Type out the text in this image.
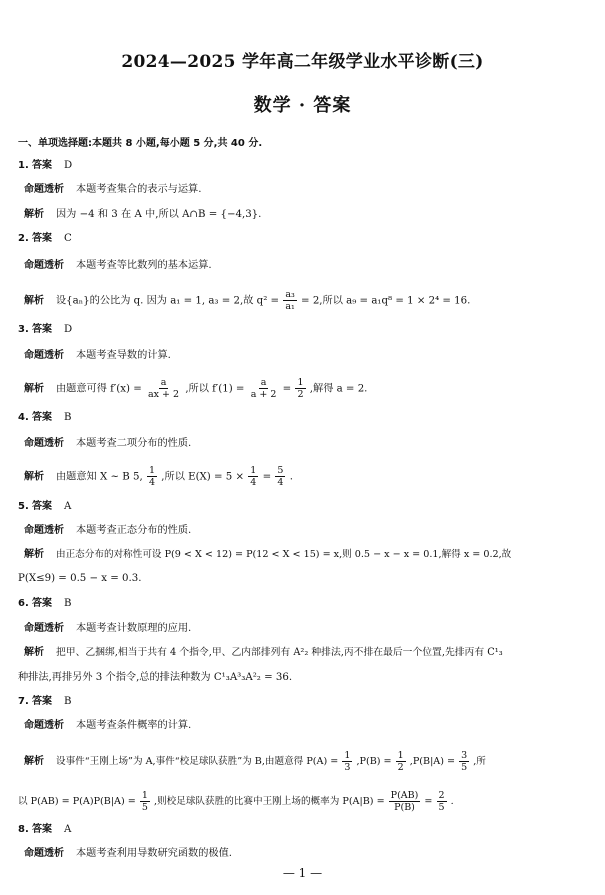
2024—2025 学年高二年级学业水平诊断(三)
数学 · 答案
一、单项选择题:本题共 8 小题,每小题 5 分,共 40 分.
1. 答案 D
命题透析 本题考查集合的表示与运算.
解析 因为 −4 和 3 在 A 中,所以 A∩B = {−4,3}.
2. 答案 C
命题透析 本题考查等比数列的基本运算.
解析 设{aₙ}的公比为 q. 因为 a₁ = 1, a₃ = 2,故 $q^2 = \frac{\text{a₃}}{\text{a₁}} = 2$,所以 a₉ = a₁q⁸ = 1 × 2⁴ = 16.
3. 答案 D
命题透析 本题考查导数的计算.
解析 由题意可得 $f'(x) = \frac{a}{ax + 2}$ ,所以 $f'(1) = \frac{a}{a + 2} = \frac{1}{2}$ ,解得 a = 2.
4. 答案 B
命题透析 本题考查二项分布的性质.
解析 由题意知 X ~ B 5, $\frac{1}{4}$ ,所以 $E(X) = 5 \times \frac{1}{4} = \frac{5}{4}$ .
5. 答案 A
命题透析 本题考查正态分布的性质.
解析 由正态分布的对称性可设 P(9 < X < 12) = P(12 < X < 15) = x,则 0.5 − x − x = 0.1,解得 x = 0.2,故
P(X≤9) = 0.5 − x = 0.3.
6. 答案 B
命题透析 本题考查计数原理的应用.
解析 把甲、乙捆绑,相当于共有 4 个指令,甲、乙内部排列有 A²₂ 种排法,丙不排在最后一个位置,先排丙有 C¹₃
种排法,再排另外 3 个指令,总的排法种数为 C¹₃A³₃A²₂ = 36.
7. 答案 B
命题透析 本题考查条件概率的计算.
解析 设事件“王刚上场”为 A,事件“校足球队获胜”为 B,由题意得 $P(A) = \frac{1}{3} ,P(B) = \frac{1}{2} ,P(B|A) = \frac{3}{5}$ ,所
以 $P(AB) = P(A)P(B|A) = \frac{1}{5}$ ,则校足球队获胜的比赛中王刚上场的概率为 $P(A|B) = \frac{P(AB)}{P(B)} = \frac{2}{5}$ .
8. 答案 A
命题透析 本题考查利用导数研究函数的极值.
— 1 —
